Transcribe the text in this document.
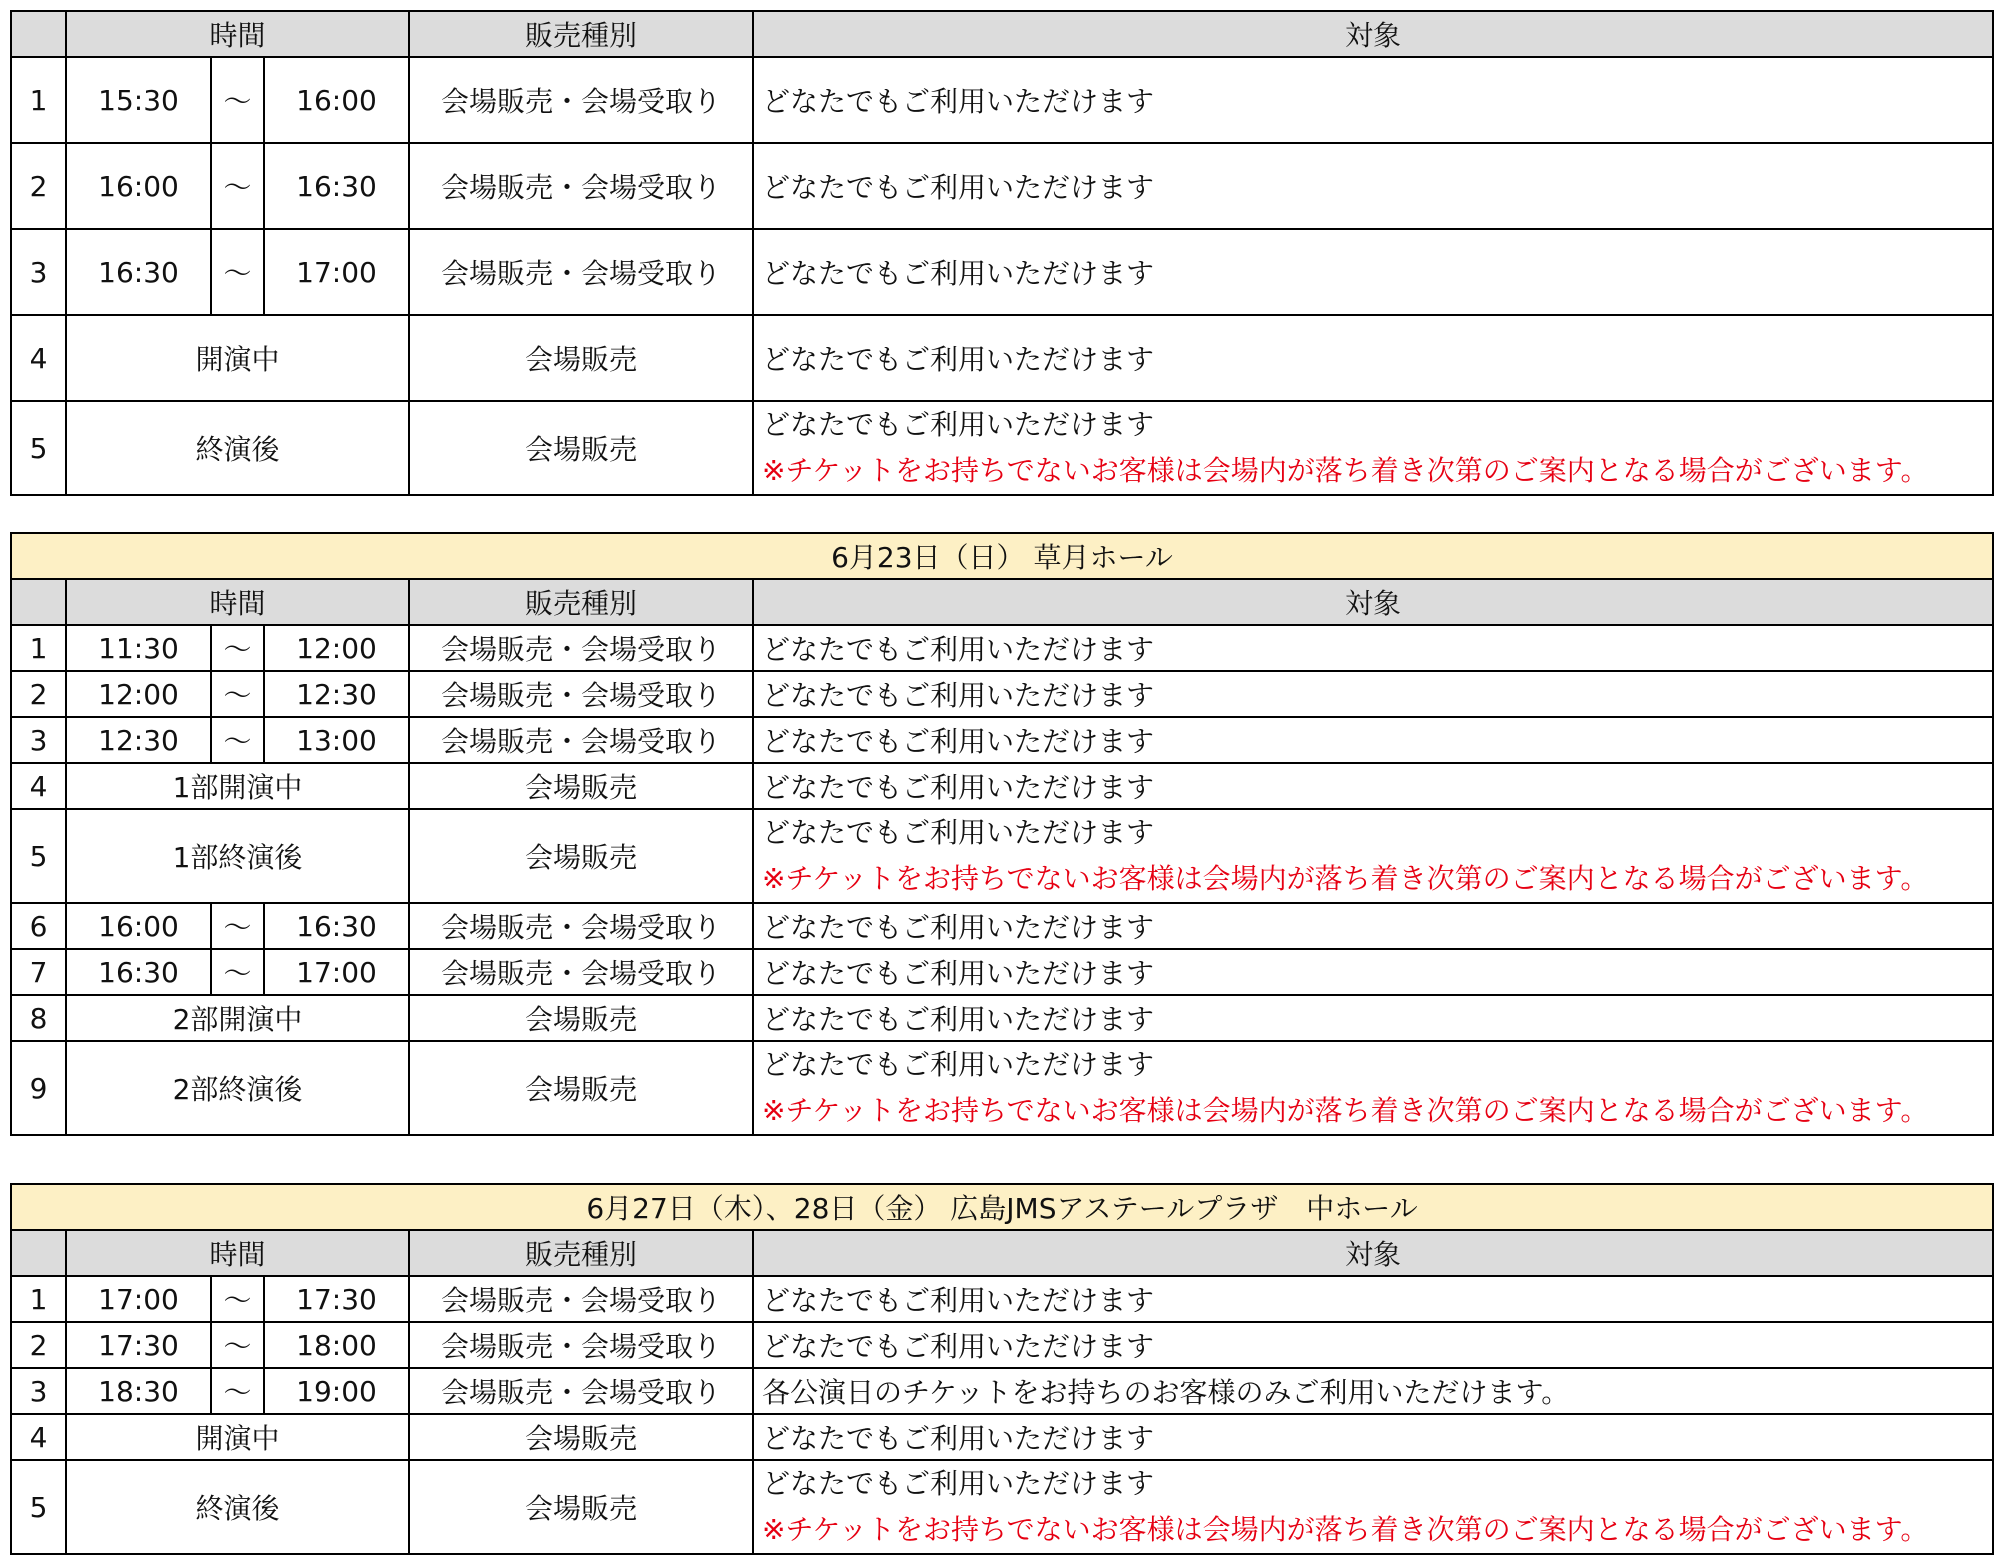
	時間			販売種別	対象
1	15:30	～	16:00	会場販売・会場受取り	どなたでもご利用いただけます
2	16:00	～	16:30	会場販売・会場受取り	どなたでもご利用いただけます
3	16:30	～	17:00	会場販売・会場受取り	どなたでもご利用いただけます
4	開演中			会場販売	どなたでもご利用いただけます
5	終演後			会場販売	どなたでもご利用いただけます
※チケットをお持ちでないお客様は会場内が落ち着き次第のご案内となる場合がございます。
6月23日（日） 草月ホール					
	時間			販売種別	対象
1	11:30	～	12:00	会場販売・会場受取り	どなたでもご利用いただけます
2	12:00	～	12:30	会場販売・会場受取り	どなたでもご利用いただけます
3	12:30	～	13:00	会場販売・会場受取り	どなたでもご利用いただけます
4	1部開演中			会場販売	どなたでもご利用いただけます
5	1部終演後			会場販売	どなたでもご利用いただけます
※チケットをお持ちでないお客様は会場内が落ち着き次第のご案内となる場合がございます。

6	16:00	～	16:30	会場販売・会場受取り	どなたでもご利用いただけます
7	16:30	～	17:00	会場販売・会場受取り	どなたでもご利用いただけます
8	2部開演中			会場販売	どなたでもご利用いただけます
9	2部終演後			会場販売	どなたでもご利用いただけます
※チケットをお持ちでないお客様は会場内が落ち着き次第のご案内となる場合がございます。
6月27日（木）、28日（金） 広島JMSアステールプラザ　中ホール					
	時間			販売種別	対象
1	17:00	～	17:30	会場販売・会場受取り	どなたでもご利用いただけます
2	17:30	～	18:00	会場販売・会場受取り	どなたでもご利用いただけます
3	18:30	～	19:00	会場販売・会場受取り	各公演日のチケットをお持ちのお客様のみご利用いただけます。
4	開演中			会場販売	どなたでもご利用いただけます
5	終演後			会場販売	どなたでもご利用いただけます
※チケットをお持ちでないお客様は会場内が落ち着き次第のご案内となる場合がございます。
